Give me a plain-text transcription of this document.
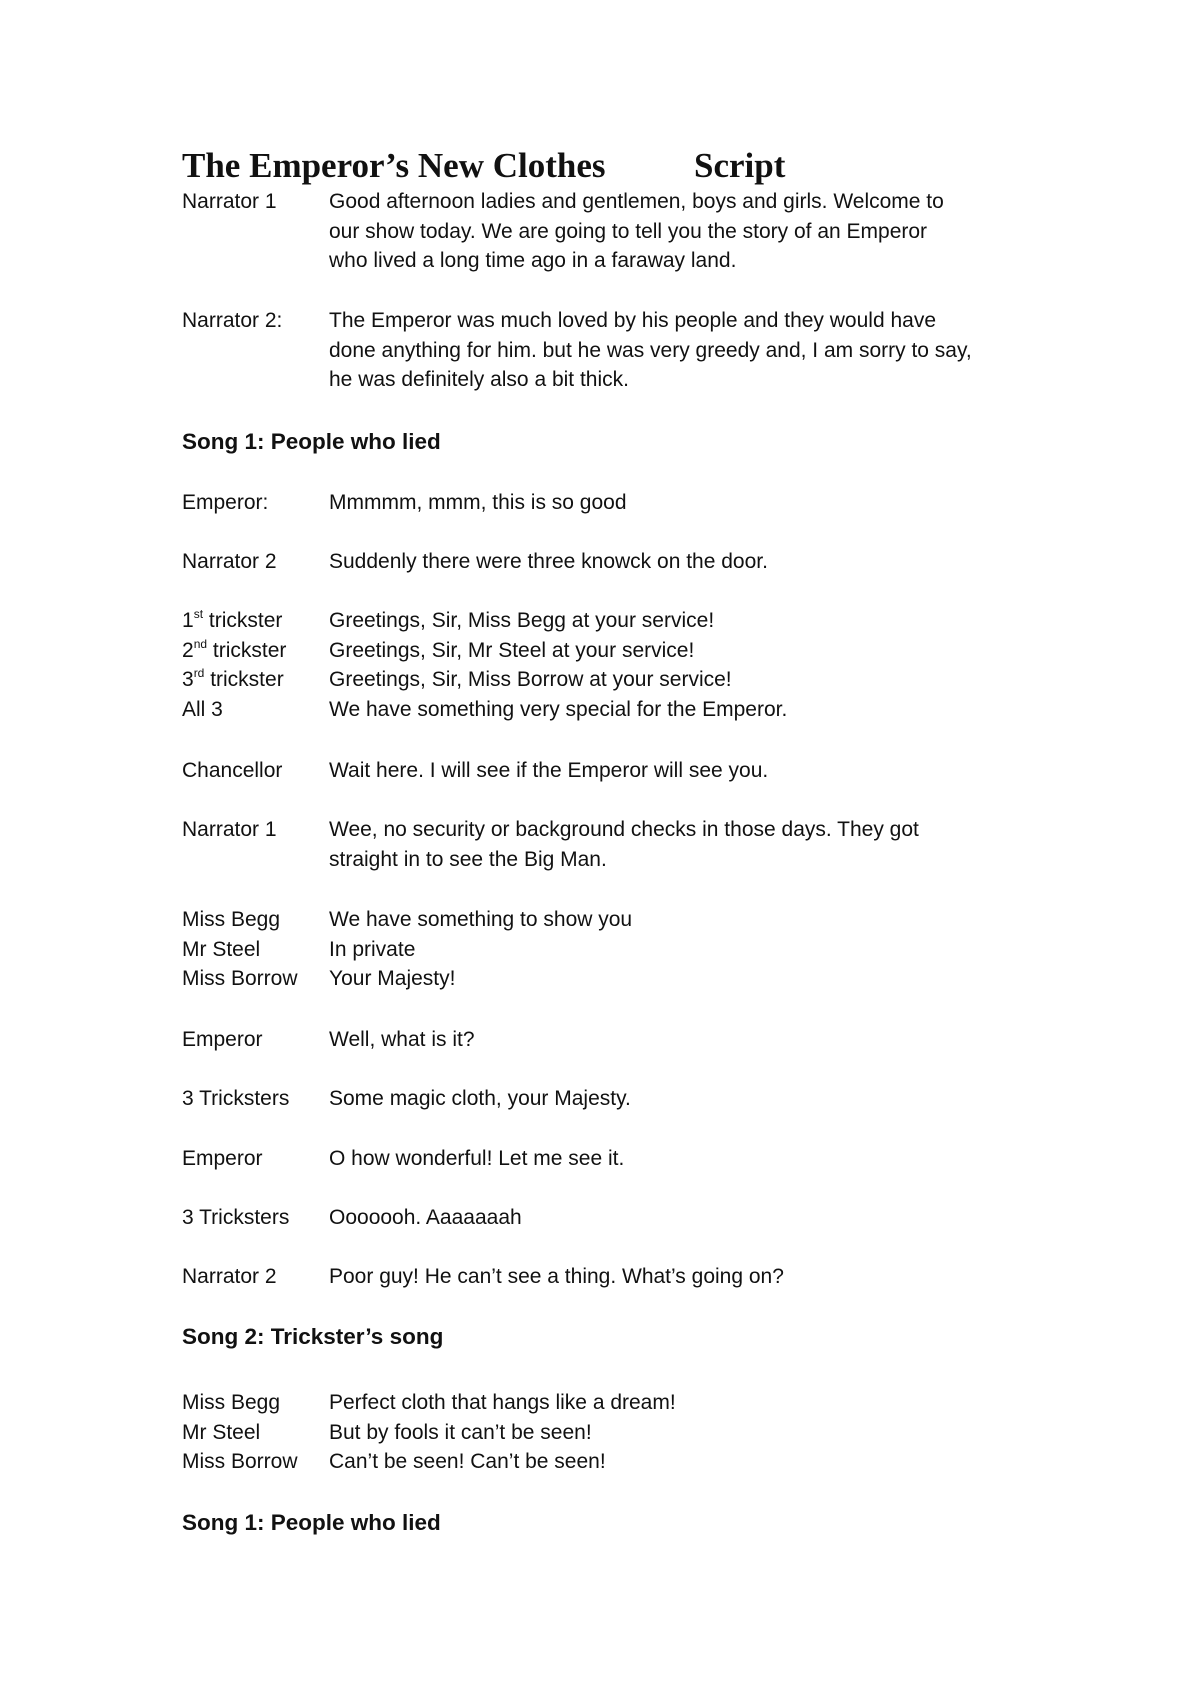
The Emperor’s New Clothes	Script
Narrator 1	Good afternoon ladies and gentlemen, boys and girls. Welcome to
our show today. We are going to tell you the story of an Emperor
who lived a long time ago in a faraway land.
Narrator 2:	The Emperor was much loved by his people and they would have
done anything for him. but he was very greedy and, I am sorry to say,
he was definitely also a bit thick.
Song 1: People who lied
Emperor:	Mmmmm, mmm, this is so good
Narrator 2	Suddenly there were three knowck on the door.
1st trickster	Greetings, Sir, Miss Begg at your service!
2nd trickster	Greetings, Sir, Mr Steel at your service!
3rd trickster	Greetings, Sir, Miss Borrow at your service!
All 3	We have something very special for the Emperor.
Chancellor	Wait here. I will see if the Emperor will see you.
Narrator 1	Wee, no security or background checks in those days. They got
straight in to see the Big Man.
Miss Begg	We have something to show you
Mr Steel	In private
Miss Borrow	Your Majesty!
Emperor	Well, what is it?
3 Tricksters	Some magic cloth, your Majesty.
Emperor	O how wonderful! Let me see it.
3 Tricksters	Ooooooh. Aaaaaaah
Narrator 2	Poor guy! He can’t see a thing. What’s going on?
Song 2: Trickster’s song
Miss Begg	Perfect cloth that hangs like a dream!
Mr Steel	But by fools it can’t be seen!
Miss Borrow	Can’t be seen! Can’t be seen!
Song 1: People who lied
